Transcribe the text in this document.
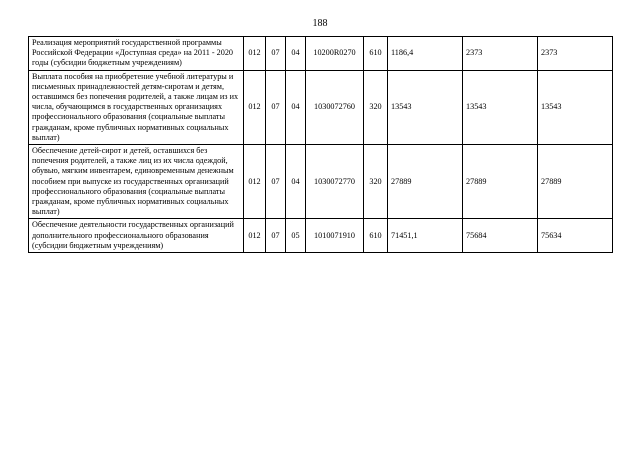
188
Реализация мероприятий государственной программы Российской Федерации «Доступная среда» на 2011 - 2020 годы (субсидии бюджетным учреждениям)	012	07	04	10200R0270	610	1186,4	2373	2373
Выплата пособия на приобретение учебной литературы и письменных принадлежностей детям-сиротам и детям, оставшимся без попечения родителей, а также лицам из их числа, обучающимся в государственных организациях профессионального образования (социальные выплаты гражданам, кроме публичных нормативных социальных выплат)	012	07	04	1030072760	320	13543	13543	13543
Обеспечение детей-сирот и детей, оставшихся без попечения родителей, а также лиц из их числа одеждой, обувью, мягким инвентарем, единовременным денежным пособием при выпуске из государственных организаций профессионального образования (социальные выплаты гражданам, кроме публичных нормативных социальных выплат)	012	07	04	1030072770	320	27889	27889	27889
Обеспечение деятельности государственных организаций дополнительного профессионального образования (субсидии бюджетным учреждениям)	012	07	05	1010071910	610	71451,1	75684	75634
